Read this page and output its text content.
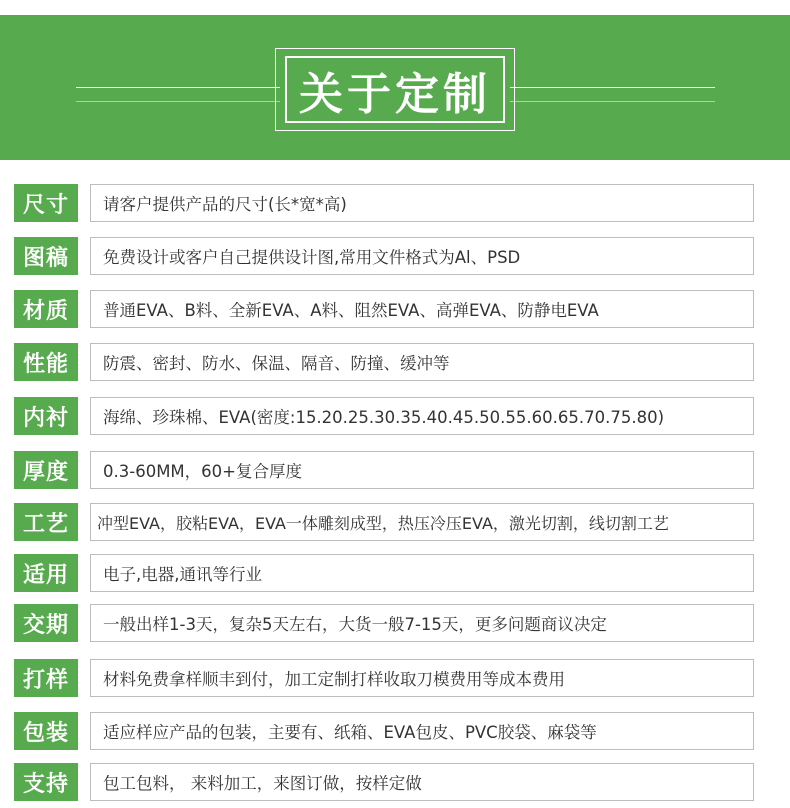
关于定制
尺寸	请客户提供产品的尺寸(长*宽*高)
图稿	免费设计或客户自己提供设计图,常用文件格式为Al、PSD
材质	普通EVA、B料、全新EVA、A料、阻然EVA、高弹EVA、防静电EVA
性能	防震、密封、防水、保温、隔音、防撞、缓冲等
内衬	海绵、珍珠棉、EVA(密度:15.20.25.30.35.40.45.50.55.60.65.70.75.80)
厚度	0.3-60MM，60+复合厚度
工艺	冲型EVA，胶粘EVA，EVA一体雕刻成型，热压冷压EVA，激光切割，线切割工艺
适用	电子,电器,通讯等行业
交期	一般出样1-3天，复杂5天左右，大货一般7-15天，更多问题商议决定
打样	材料免费拿样顺丰到付，加工定制打样收取刀模费用等成本费用
包装	适应样应产品的包装，主要有、纸箱、EVA包皮、PVC胶袋、麻袋等
支持	包工包料， 来料加工，来图订做，按样定做
